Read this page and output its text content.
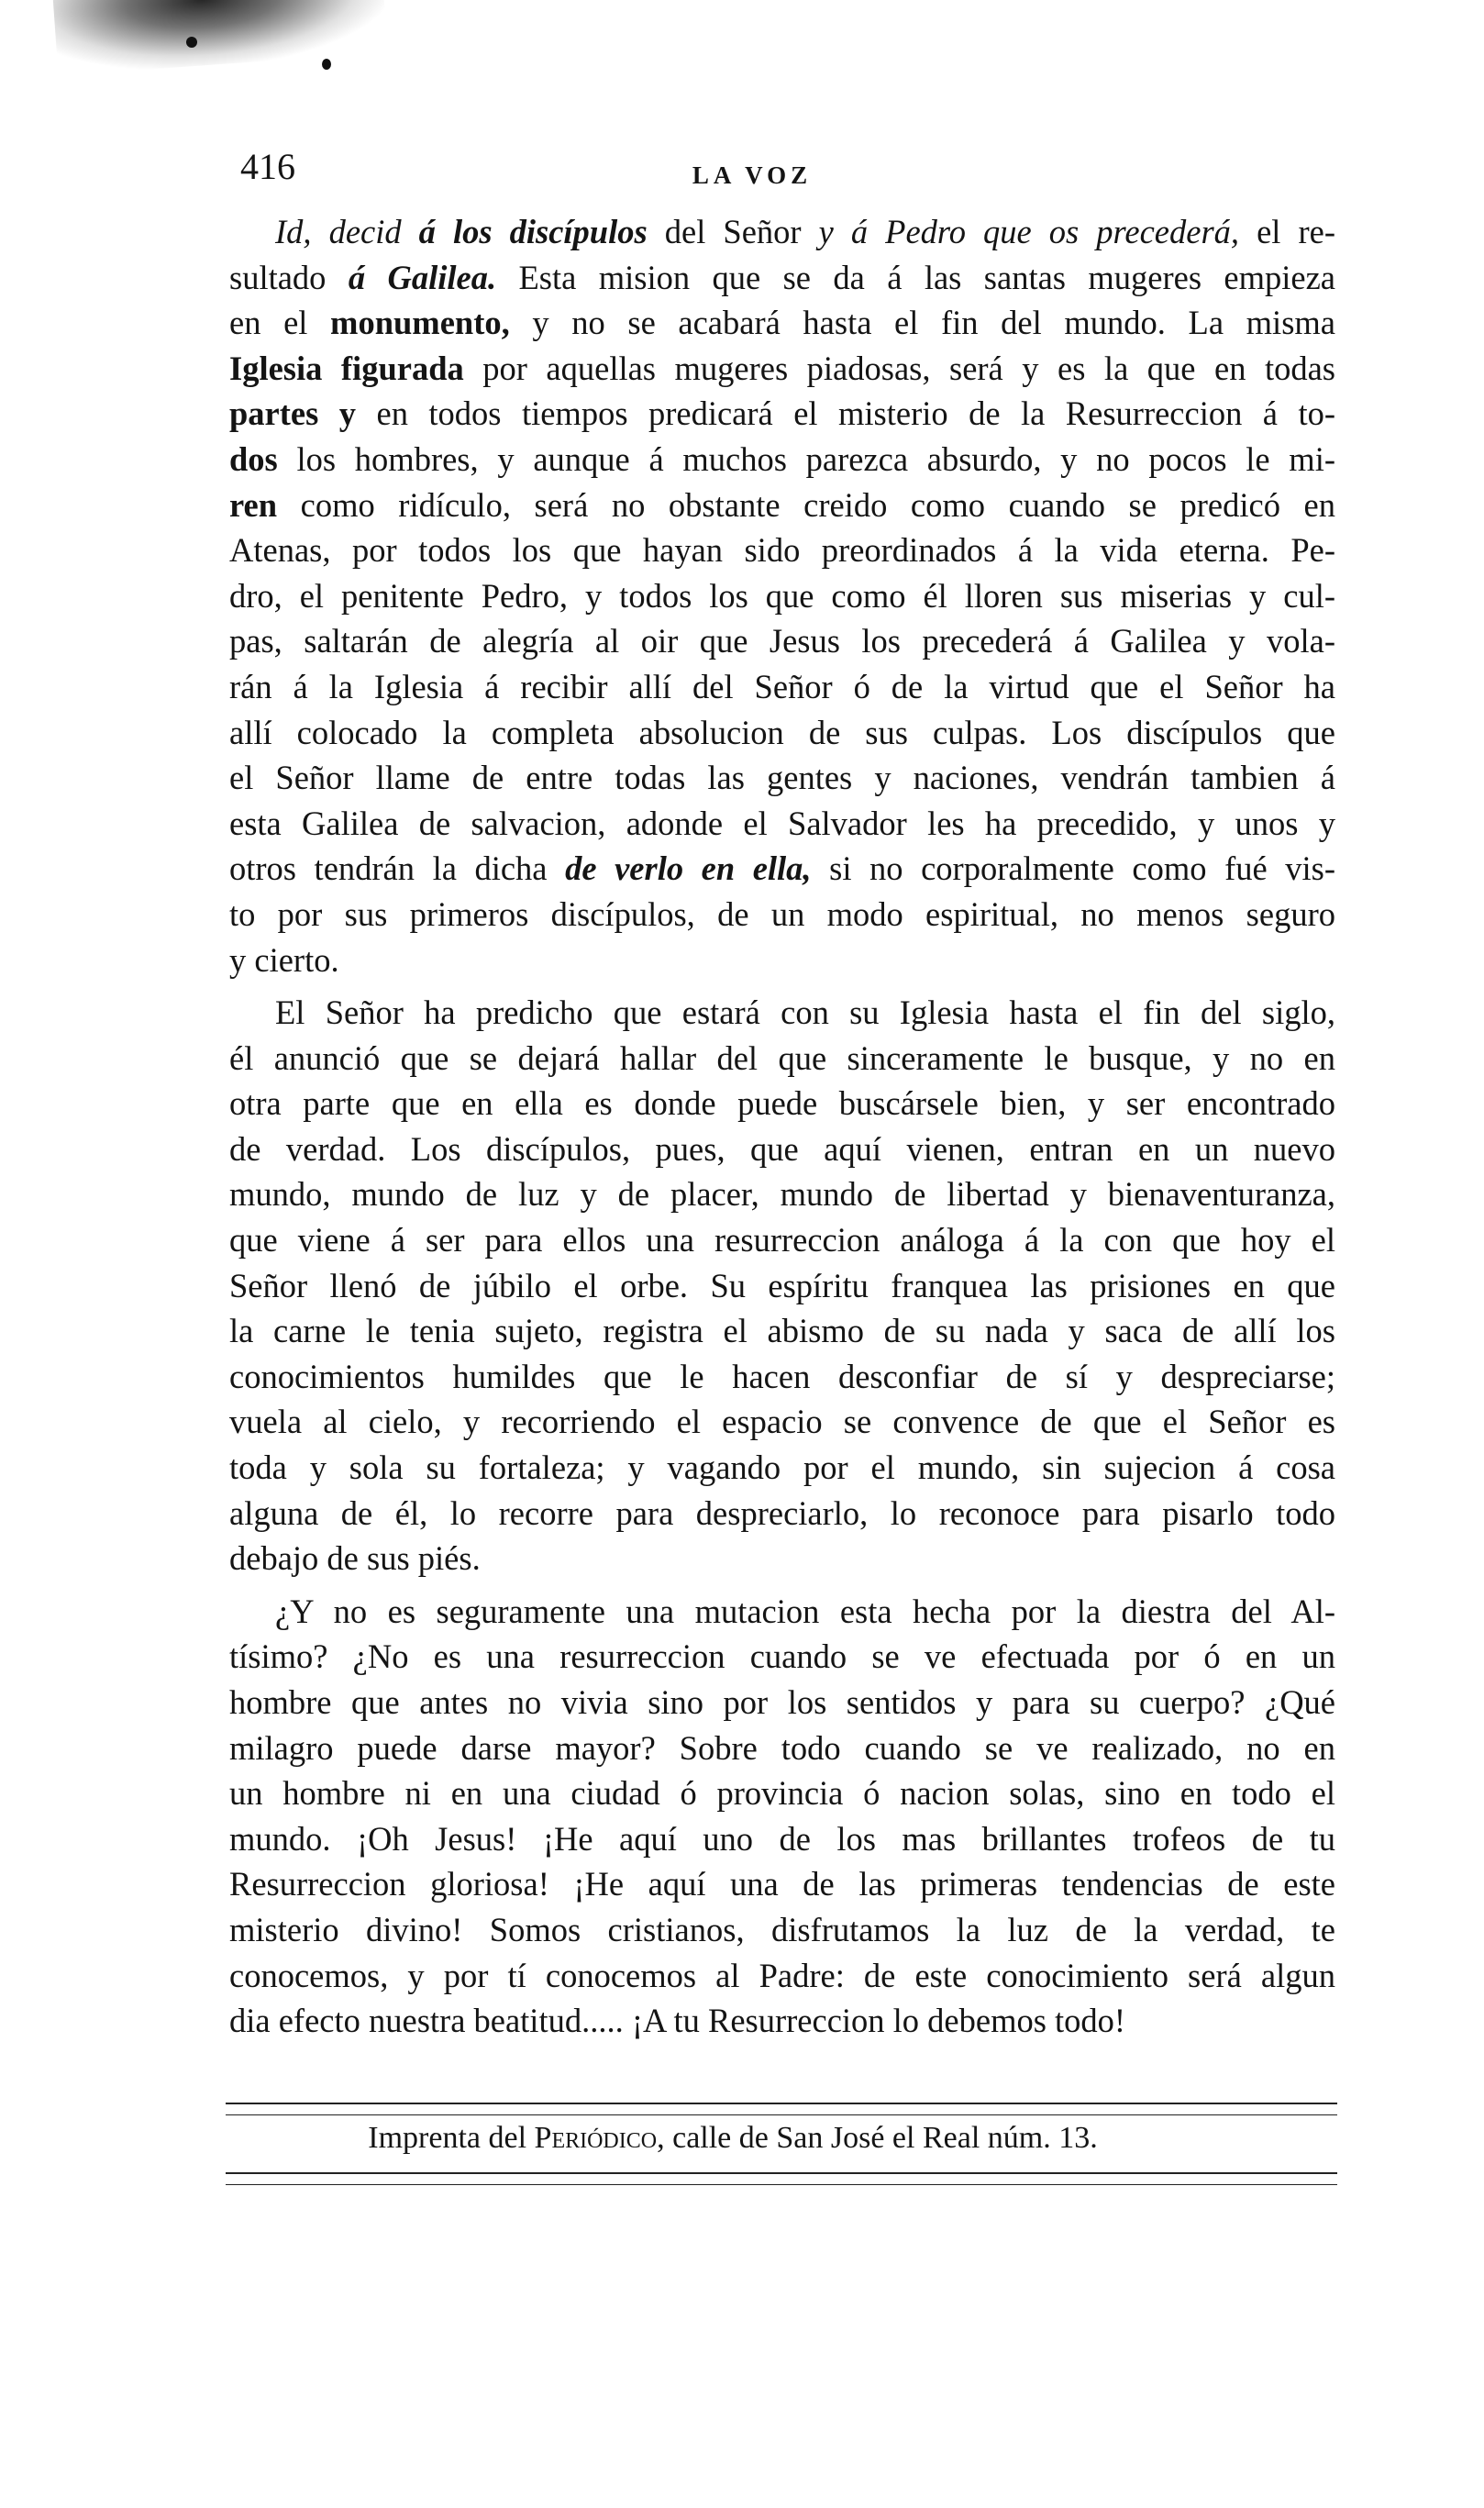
416	LA VOZ
Id, decid á los discípulos del Señor y á Pedro que os precederá, el re-
sultado á Galilea. Esta mision que se da á las santas mugeres empieza
en el monumento, y no se acabará hasta el fin del mundo. La misma
Iglesia figurada por aquellas mugeres piadosas, será y es la que en todas
partes y en todos tiempos predicará el misterio de la Resurreccion á to-
dos los hombres, y aunque á muchos parezca absurdo, y no pocos le mi-
ren como ridículo, será no obstante creido como cuando se predicó en
Atenas, por todos los que hayan sido preordinados á la vida eterna. Pe-
dro, el penitente Pedro, y todos los que como él lloren sus miserias y cul-
pas, saltarán de alegría al oir que Jesus los precederá á Galilea y vola-
rán á la Iglesia á recibir allí del Señor ó de la virtud que el Señor ha
allí colocado la completa absolucion de sus culpas. Los discípulos que
el Señor llame de entre todas las gentes y naciones, vendrán tambien á
esta Galilea de salvacion, adonde el Salvador les ha precedido, y unos y
otros tendrán la dicha de verlo en ella, si no corporalmente como fué vis-
to por sus primeros discípulos, de un modo espiritual, no menos seguro
y cierto.
El Señor ha predicho que estará con su Iglesia hasta el fin del siglo,
él anunció que se dejará hallar del que sinceramente le busque, y no en
otra parte que en ella es donde puede buscársele bien, y ser encontrado
de verdad. Los discípulos, pues, que aquí vienen, entran en un nuevo
mundo, mundo de luz y de placer, mundo de libertad y bienaventuranza,
que viene á ser para ellos una resurreccion análoga á la con que hoy el
Señor llenó de júbilo el orbe. Su espíritu franquea las prisiones en que
la carne le tenia sujeto, registra el abismo de su nada y saca de allí los
conocimientos humildes que le hacen desconfiar de sí y despreciarse;
vuela al cielo, y recorriendo el espacio se convence de que el Señor es
toda y sola su fortaleza; y vagando por el mundo, sin sujecion á cosa
alguna de él, lo recorre para despreciarlo, lo reconoce para pisarlo todo
debajo de sus piés.
¿Y no es seguramente una mutacion esta hecha por la diestra del Al-
tísimo? ¿No es una resurreccion cuando se ve efectuada por ó en un
hombre que antes no vivia sino por los sentidos y para su cuerpo? ¿Qué
milagro puede darse mayor? Sobre todo cuando se ve realizado, no en
un hombre ni en una ciudad ó provincia ó nacion solas, sino en todo el
mundo. ¡Oh Jesus! ¡He aquí uno de los mas brillantes trofeos de tu
Resurreccion gloriosa! ¡He aquí una de las primeras tendencias de este
misterio divino! Somos cristianos, disfrutamos la luz de la verdad, te
conocemos, y por tí conocemos al Padre: de este conocimiento será algun
dia efecto nuestra beatitud..... ¡A tu Resurreccion lo debemos todo!
Imprenta del Periódico, calle de San José el Real núm. 13.
